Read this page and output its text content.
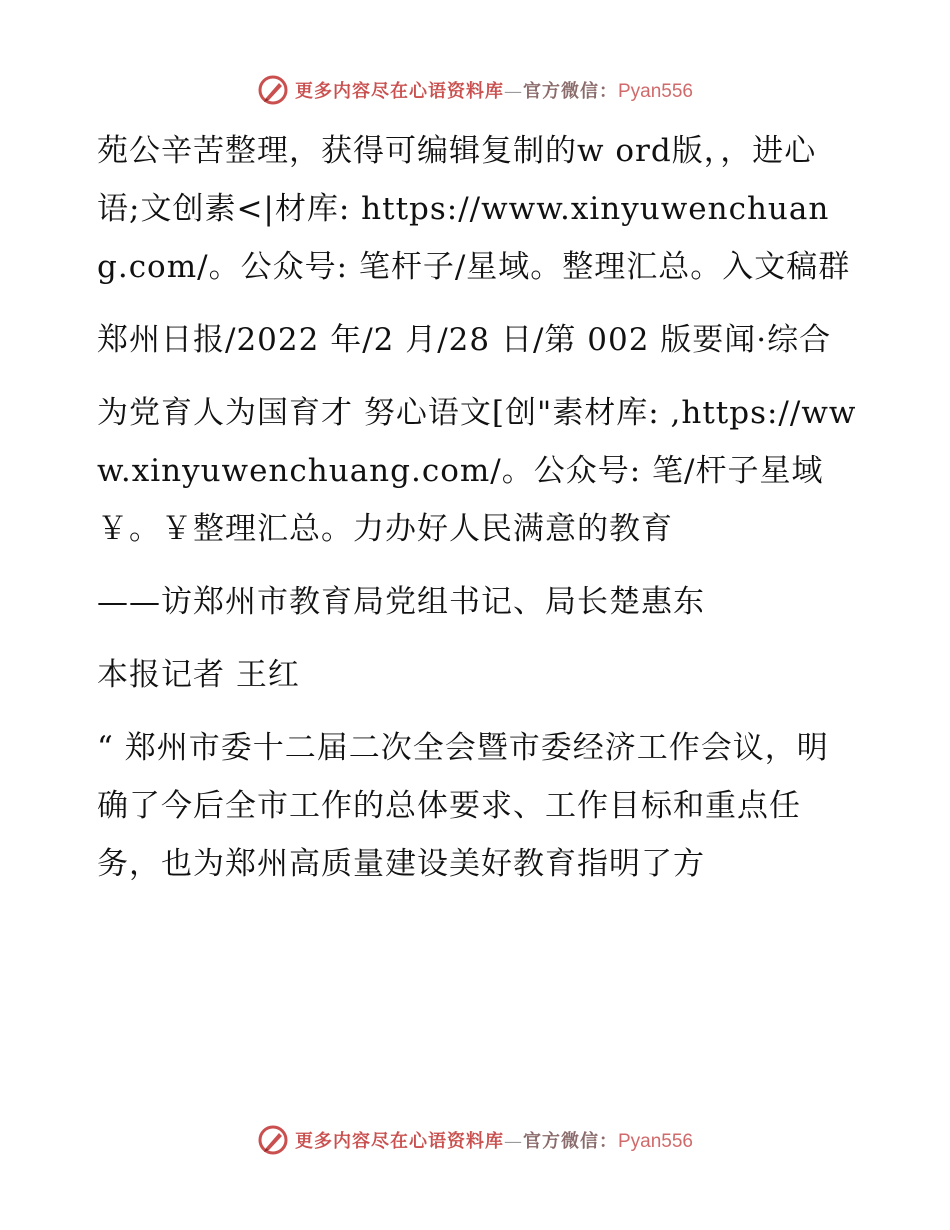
更多内容尽在心语资料库—官方微信：Pyan556

苑公辛苦整理，获得可编辑复制的w ord版，，进心语;文创素<|材库: https://www.xinyuwenchuang.com/。公众号: 笔杆子/星域。整理汇总。入文稿群

郑州日报/2022 年/2 月/28 日/第 002 版要闻·综合

为党育人为国育才 努心语文[创"素材库: ,https://www.xinyuwenchuang.com/。公众号: 笔/杆子星域￥。￥整理汇总。力办好人民满意的教育

——访郑州市教育局党组书记、局长楚惠东

本报记者 王红

“ 郑州市委十二届二次全会暨市委经济工作会议，明确了今后全市工作的总体要求、工作目标和重点任务，也为郑州高质量建设美好教育指明了方

更多内容尽在心语资料库—官方微信：Pyan556
